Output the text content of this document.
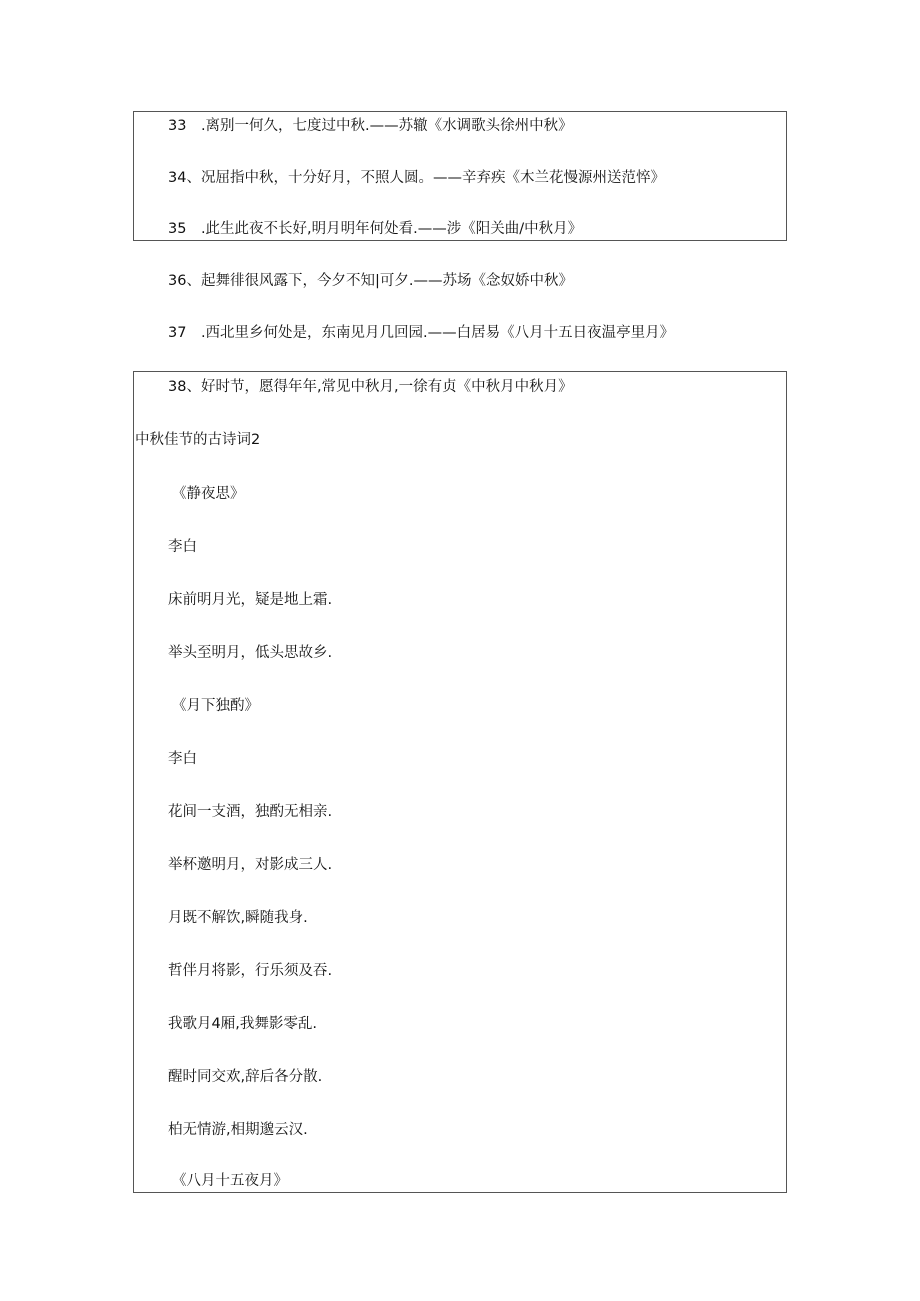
33　.离别一何久，七度过中秋.——苏辙《水调歌头徐州中秋》
34、况屈指中秋，十分好月，不照人圆。——辛弃疾《木兰花慢源州送范悴》
35　.此生此夜不长好,明月明年何处看.——涉《阳关曲/中秋月》
36、起舞徘很风露下，今夕不知|可夕.——苏场《念奴娇中秋》
37　.西北里乡何处是，东南见月几回园.——白居易《八月十五日夜温亭里月》
38、好时节，愿得年年,常见中秋月,一徐有贞《中秋月中秋月》
中秋佳节的古诗词2
《静夜思》
李白
床前明月光，疑是地上霜.
举头至明月，低头思故乡.
《月下独酌》
李白
花间一支酒，独酌无相亲.
举杯邀明月，对影成三人.
月既不解饮,瞬随我身.
哲伴月将影，行乐须及吞.
我歌月4厢,我舞影零乱.
醒时同交欢,辞后各分散.
柏无情游,相期邈云汉.
《八月十五夜月》
